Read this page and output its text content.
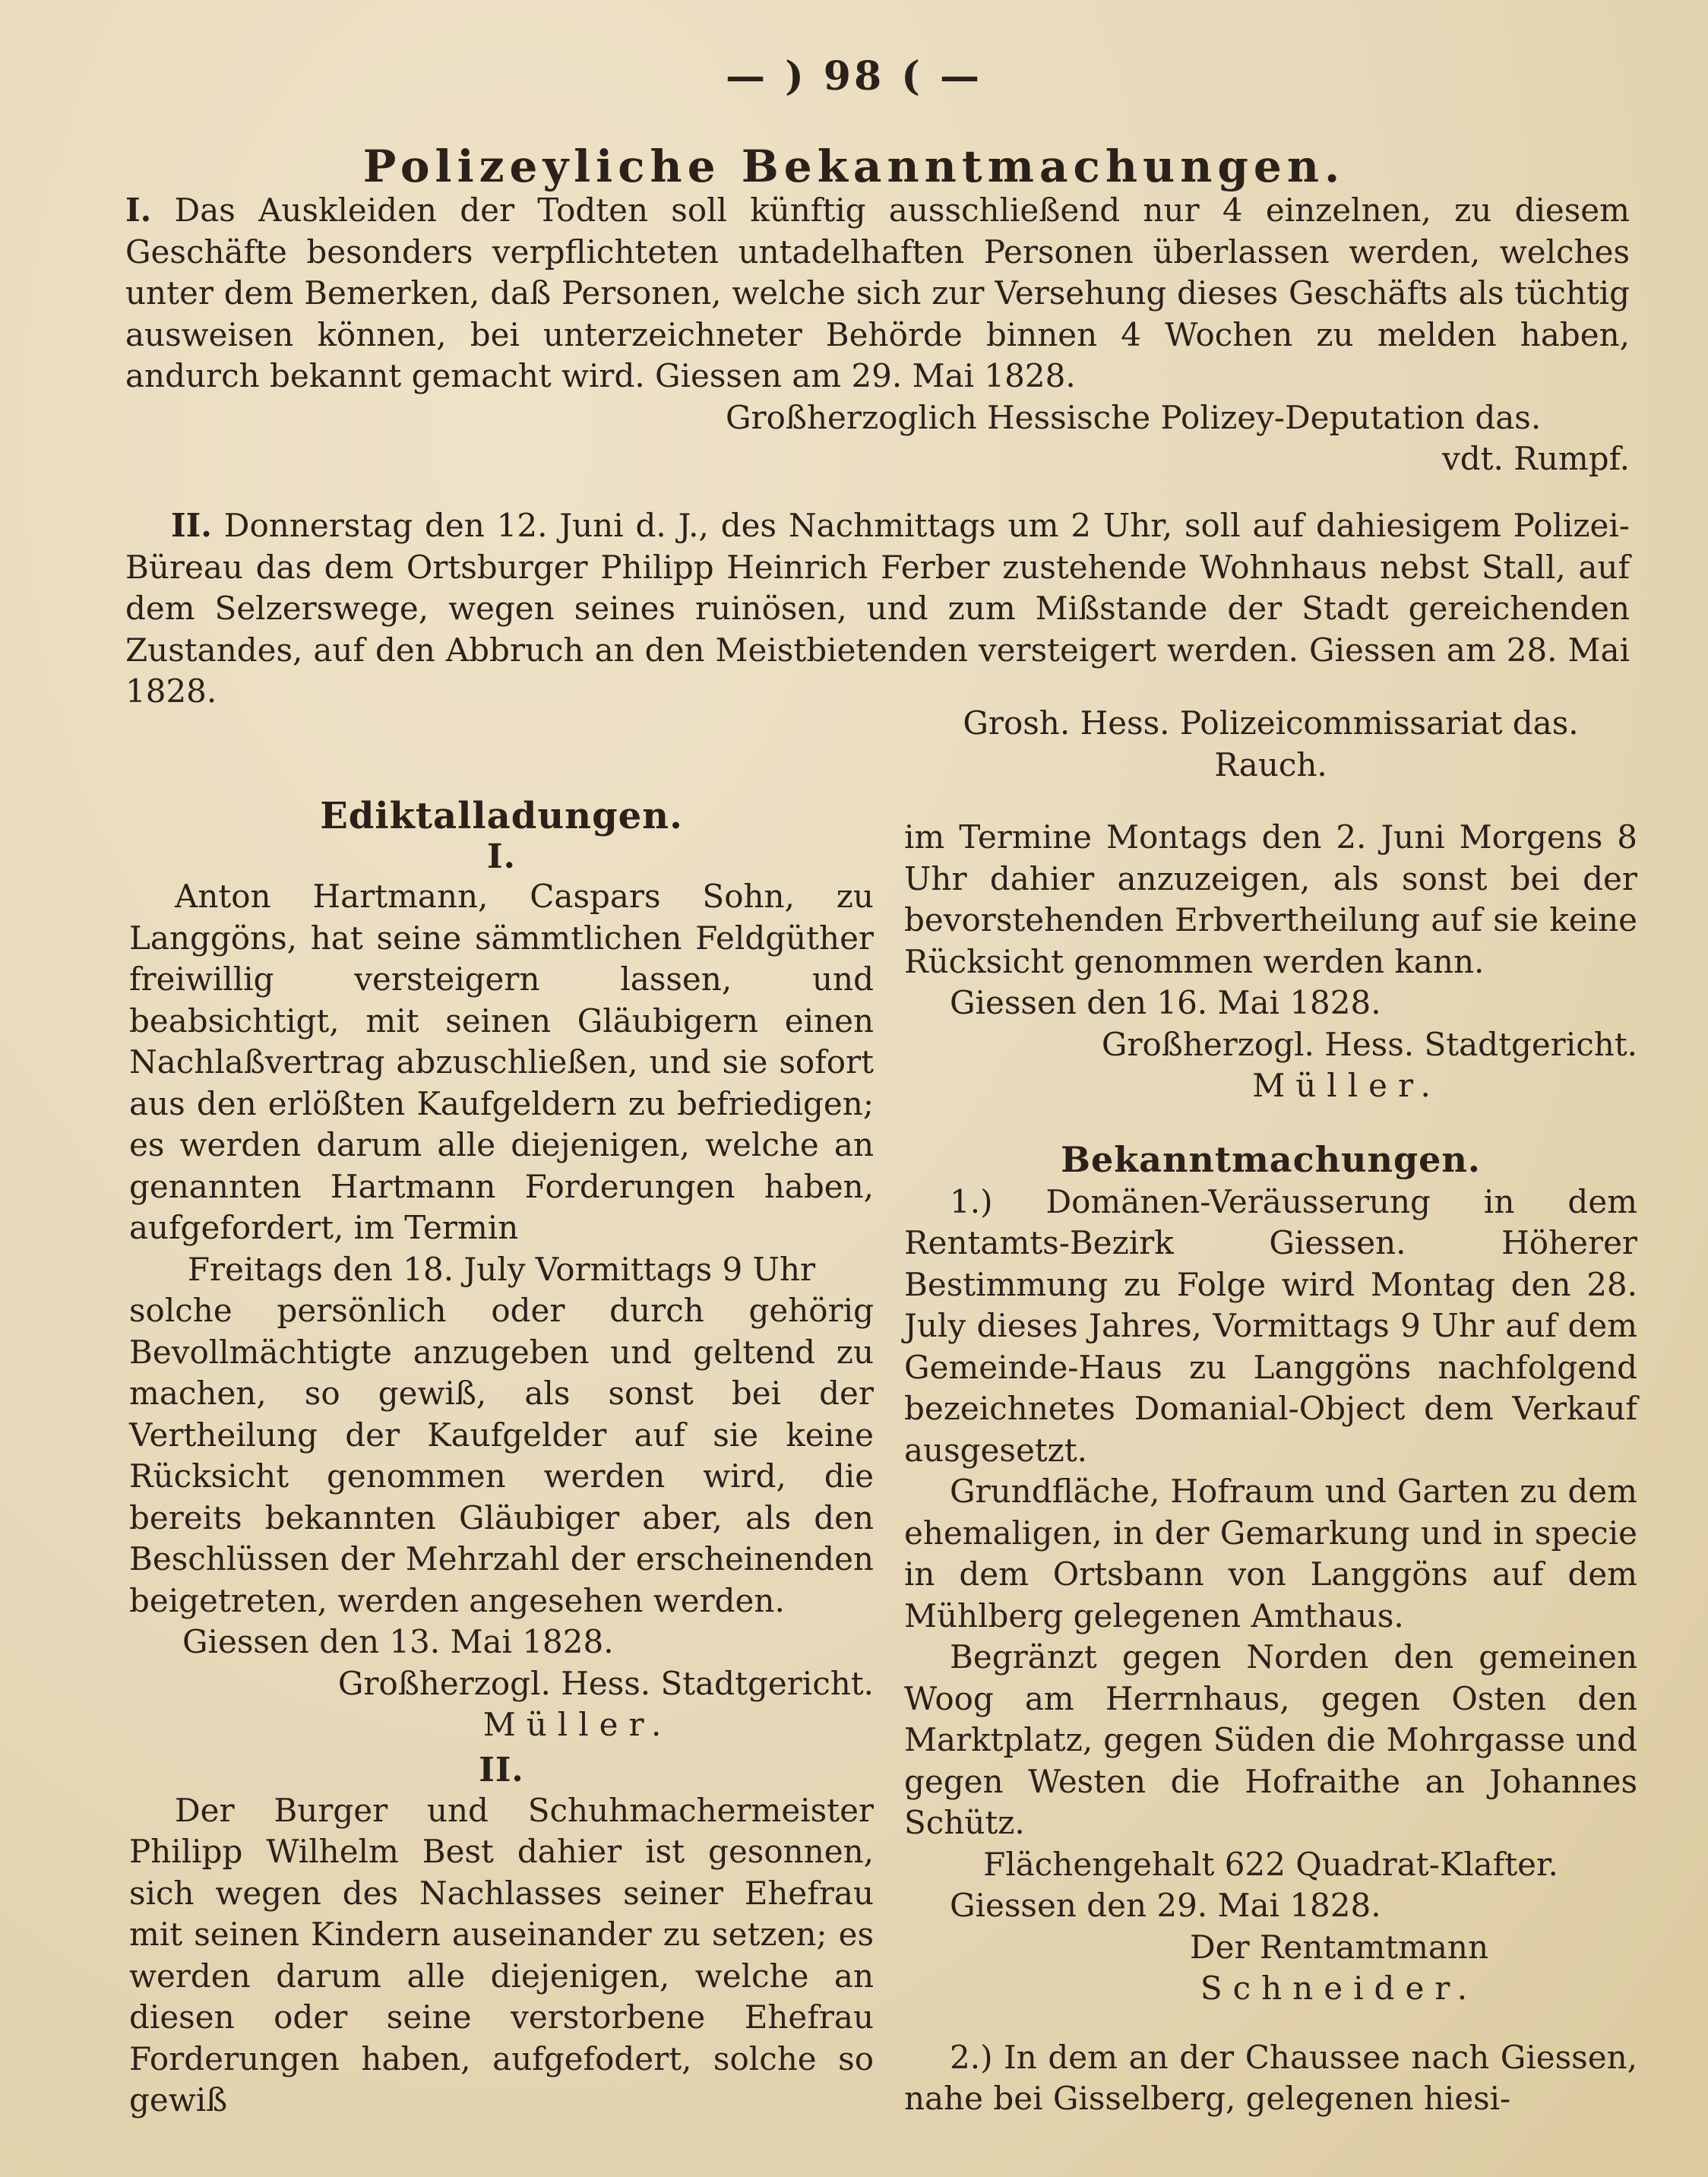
— ) 98 ( —
Polizeyliche Bekanntmachungen.

I. Das Auskleiden der Todten soll künftig ausschließend nur 4 einzelnen, zu diesem Geschäfte besonders verpflichteten untadelhaften Personen überlassen werden, welches unter dem Bemerken, daß Personen, welche sich zur Versehung dieses Geschäfts als tüchtig ausweisen können, bei unterzeichneter Behörde binnen 4 Wochen zu melden haben, andurch bekannt gemacht wird. Giessen am 29. Mai 1828.

Großherzoglich Hessische Polizey-Deputation das.

vdt. Rumpf.

II. Donnerstag den 12. Juni d. J., des Nachmittags um 2 Uhr, soll auf dahiesigem Polizei-Büreau das dem Ortsburger Philipp Heinrich Ferber zustehende Wohnhaus nebst Stall, auf dem Selzerswege, wegen seines ruinösen, und zum Mißstande der Stadt gereichenden Zustandes, auf den Abbruch an den Meistbietenden versteigert werden. Giessen am 28. Mai 1828.

Grosh. Hess. Polizeicommissariat das.

Rauch.

Ediktalladungen.

I.

Anton Hartmann, Caspars Sohn, zu Langgöns, hat seine sämmtlichen Feldgüther freiwillig versteigern lassen, und beabsichtigt, mit seinen Gläubigern einen Nachlaßvertrag abzuschließen, und sie sofort aus den erlößten Kaufgeldern zu befriedigen; es werden darum alle diejenigen, welche an genannten Hartmann Forderungen haben, aufgefordert, im Termin

Freitags den 18. July Vormittags 9 Uhr

solche persönlich oder durch gehörig Bevollmächtigte anzugeben und geltend zu machen, so gewiß, als sonst bei der Vertheilung der Kaufgelder auf sie keine Rücksicht genommen werden wird, die bereits bekannten Gläubiger aber, als den Beschlüssen der Mehrzahl der erscheinenden beigetreten, werden angesehen werden.

Giessen den 13. Mai 1828.

Großherzogl. Hess. Stadtgericht.

Müller.

II.

Der Burger und Schuhmachermeister Philipp Wilhelm Best dahier ist gesonnen, sich wegen des Nachlasses seiner Ehefrau mit seinen Kindern auseinander zu setzen; es werden darum alle diejenigen, welche an diesen oder seine verstorbene Ehefrau Forderungen haben, aufgefodert, solche so gewiß

im Termine Montags den 2. Juni Morgens 8 Uhr dahier anzuzeigen, als sonst bei der bevorstehenden Erbvertheilung auf sie keine Rücksicht genommen werden kann.

Giessen den 16. Mai 1828.

Großherzogl. Hess. Stadtgericht.

Müller.

Bekanntmachungen.

1.) Domänen-Veräusserung in dem Rentamts-Bezirk Giessen. Höherer Bestimmung zu Folge wird Montag den 28. July dieses Jahres, Vormittags 9 Uhr auf dem Gemeinde-Haus zu Langgöns nachfolgend bezeichnetes Domanial-Object dem Verkauf ausgesetzt.

Grundfläche, Hofraum und Garten zu dem ehemaligen, in der Gemarkung und in specie in dem Ortsbann von Langgöns auf dem Mühlberg gelegenen Amthaus.

Begränzt gegen Norden den gemeinen Woog am Herrnhaus, gegen Osten den Marktplatz, gegen Süden die Mohrgasse und gegen Westen die Hofraithe an Johannes Schütz.

Flächengehalt 622 Quadrat-Klafter.

Giessen den 29. Mai 1828.

Der Rentamtmann

Schneider.

2.) In dem an der Chaussee nach Giessen, nahe bei Gisselberg, gelegenen hiesi-
